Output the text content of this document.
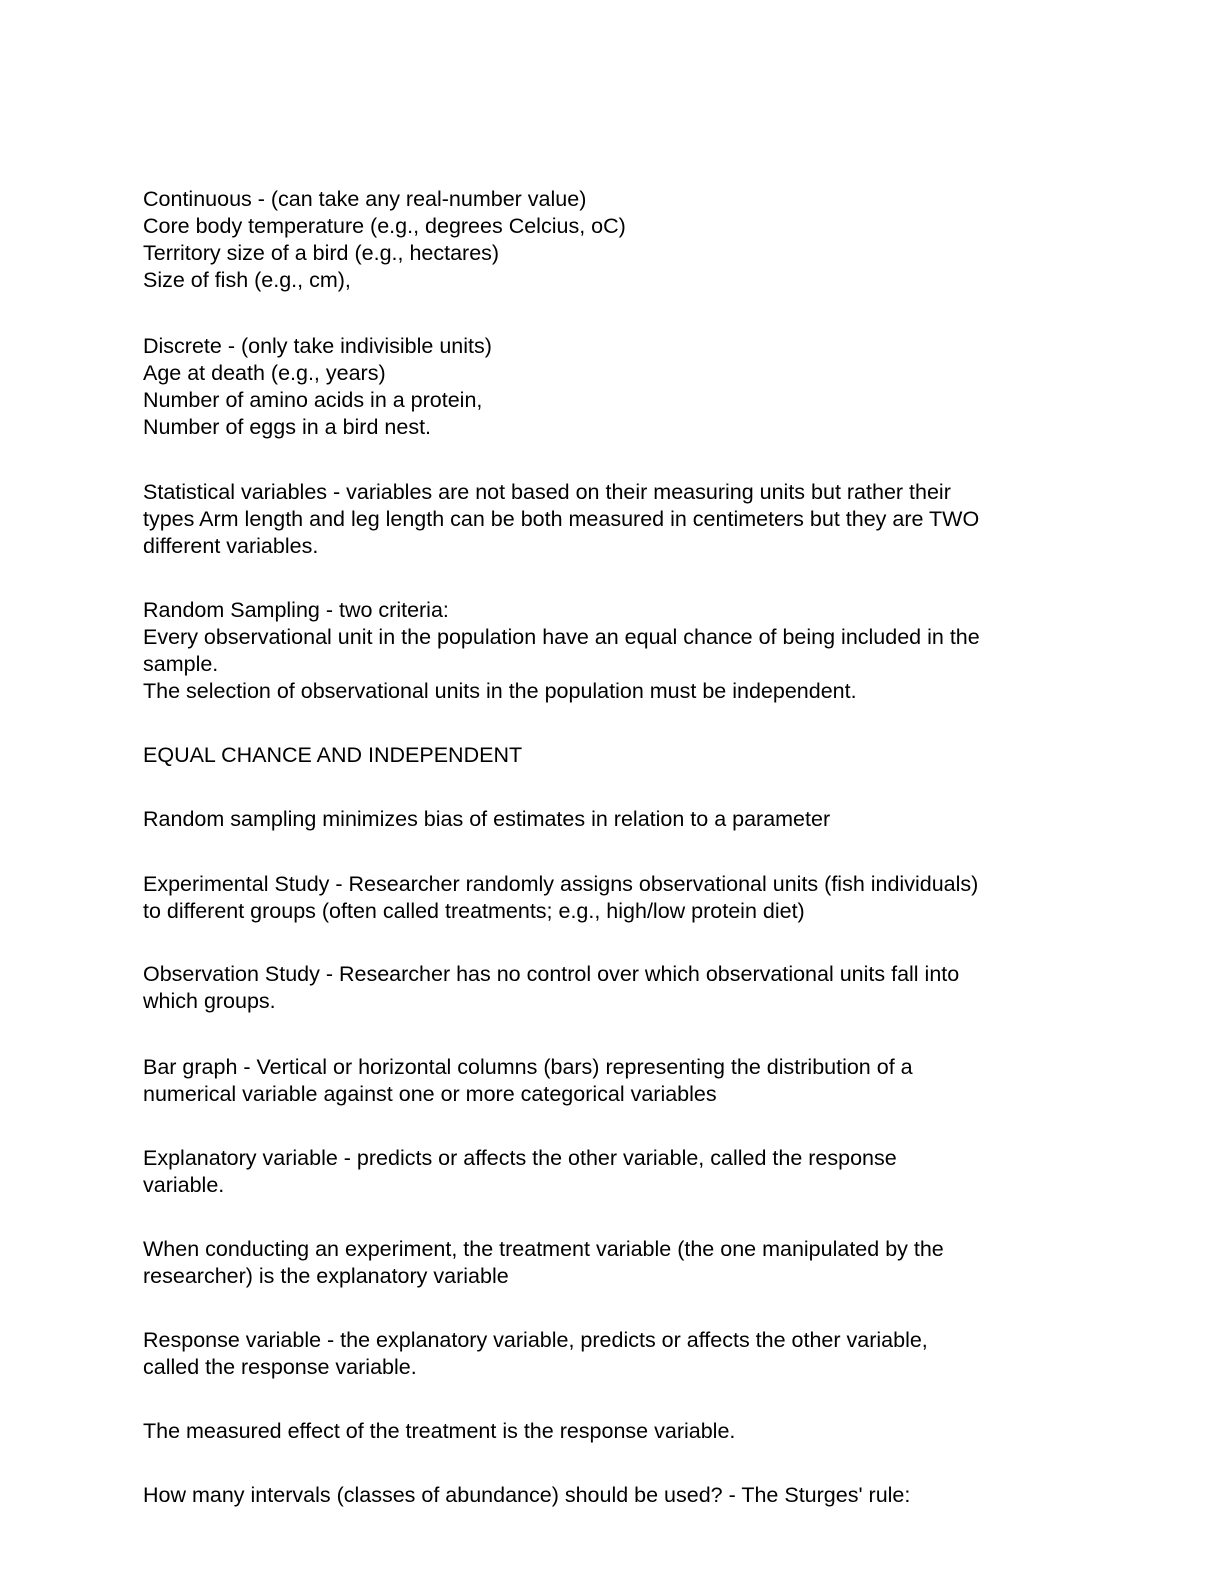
Continuous - (can take any real-number value)
Core body temperature (e.g., degrees Celcius, oC)
Territory size of a bird (e.g., hectares)
Size of fish (e.g., cm),
Discrete - (only take indivisible units)
Age at death (e.g., years)
Number of amino acids in a protein,
Number of eggs in a bird nest.
Statistical variables - variables are not based on their measuring units but rather their
types Arm length and leg length can be both measured in centimeters but they are TWO
different variables.
Random Sampling - two criteria:
Every observational unit in the population have an equal chance of being included in the
sample.
The selection of observational units in the population must be independent.
EQUAL CHANCE AND INDEPENDENT
Random sampling minimizes bias of estimates in relation to a parameter
Experimental Study - Researcher randomly assigns observational units (fish individuals)
to different groups (often called treatments; e.g., high/low protein diet)
Observation Study - Researcher has no control over which observational units fall into
which groups.
Bar graph - Vertical or horizontal columns (bars) representing the distribution of a
numerical variable against one or more categorical variables
Explanatory variable - predicts or affects the other variable, called the response
variable.
When conducting an experiment, the treatment variable (the one manipulated by the
researcher) is the explanatory variable
Response variable - the explanatory variable, predicts or affects the other variable,
called the response variable.
The measured effect of the treatment is the response variable.
How many intervals (classes of abundance) should be used? - The Sturges' rule:
